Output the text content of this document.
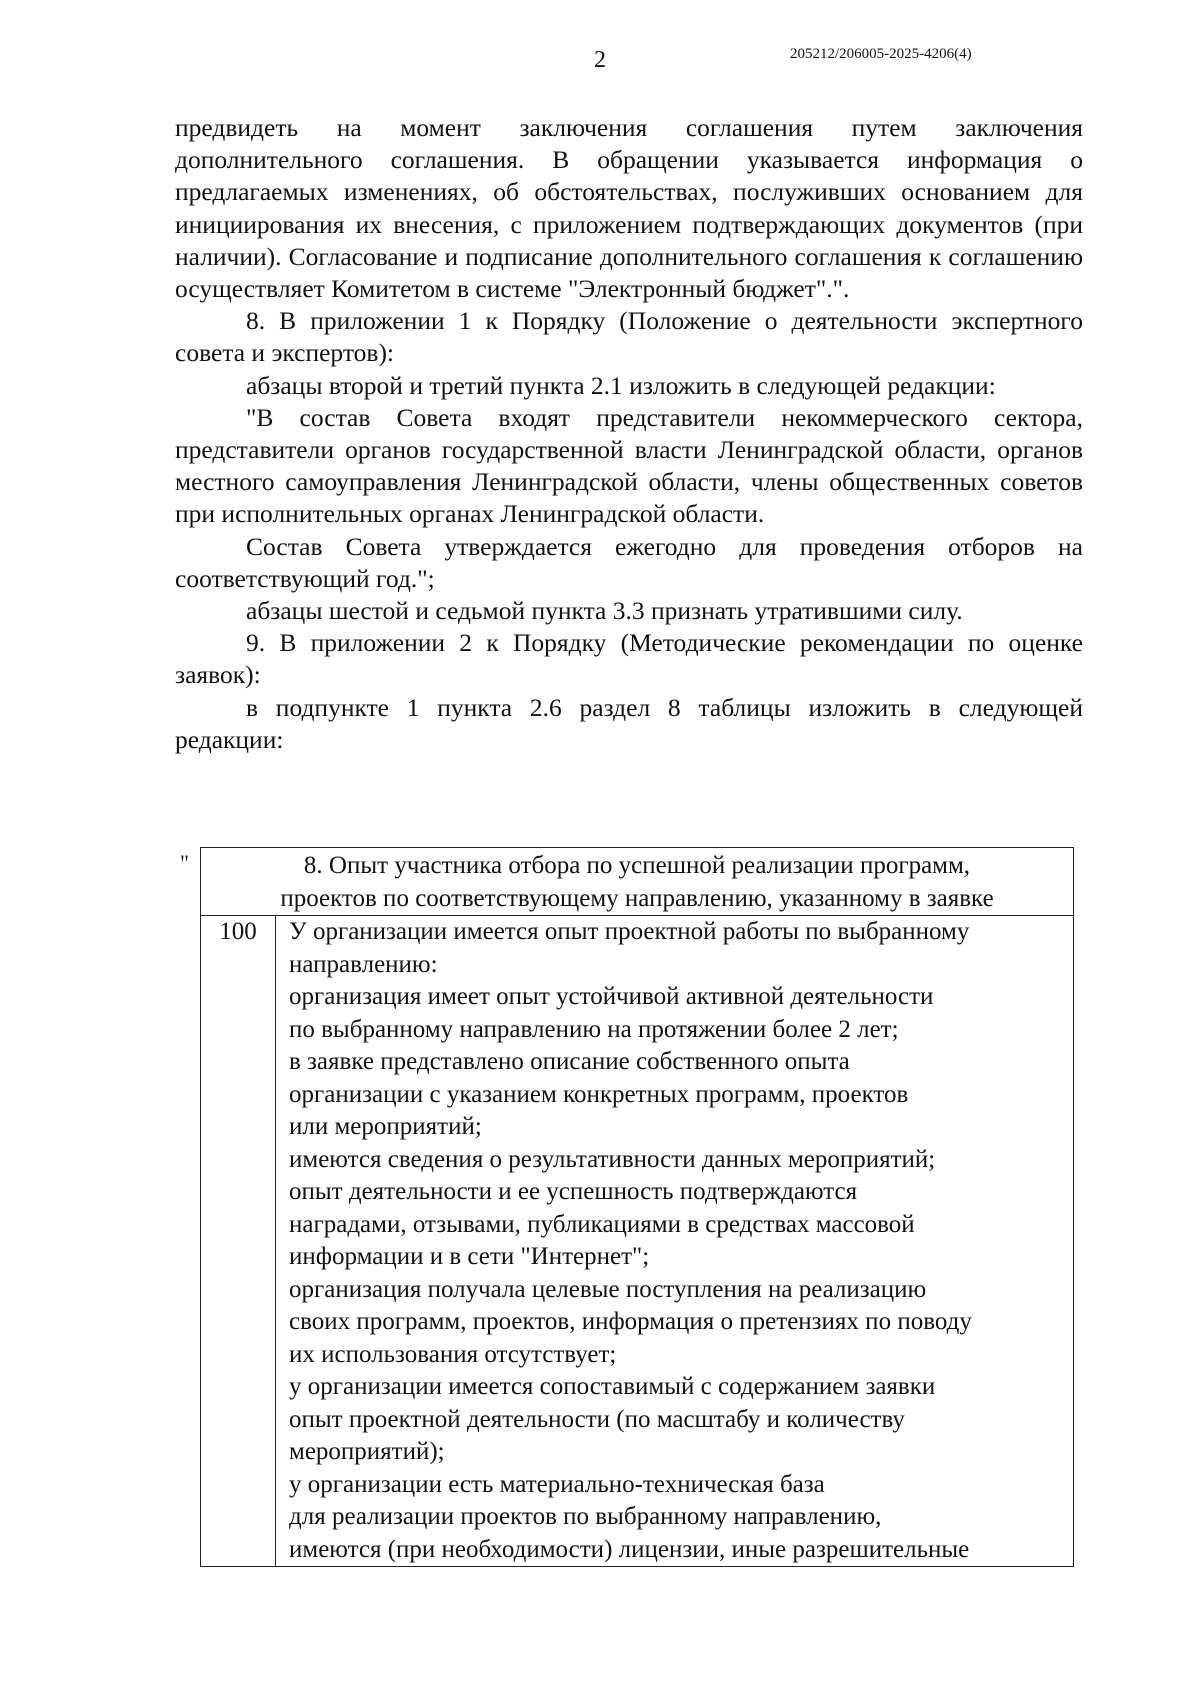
2	205212/206005-2025-4206(4)

предвидеть на момент заключения соглашения путем заключения дополнительного соглашения. В обращении указывается информация о предлагаемых изменениях, об обстоятельствах, послуживших основанием для инициирования их внесения, с приложением подтверждающих документов (при наличии). Согласование и подписание дополнительного соглашения к соглашению осуществляет Комитетом в системе "Электронный бюджет".".

8. В приложении 1 к Порядку (Положение о деятельности экспертного совета и экспертов):

абзацы второй и третий пункта 2.1 изложить в следующей редакции:

"В состав Совета входят представители некоммерческого сектора, представители органов государственной власти Ленинградской области, органов местного самоуправления Ленинградской области, члены общественных советов при исполнительных органах Ленинградской области.

Состав Совета утверждается ежегодно для проведения отборов на соответствующий год.";

абзацы шестой и седьмой пункта 3.3 признать утратившими силу.

9. В приложении 2 к Порядку (Методические рекомендации по оценке заявок):

в подпункте 1 пункта 2.6 раздел 8 таблицы изложить в следующей редакции:

"	8. Опыт участника отбора по успешной реализации программ,
проектов по соответствующему направлению, указанному в заявке

100	У организации имеется опыт проектной работы по выбранному
направлению:
организация имеет опыт устойчивой активной деятельности
по выбранному направлению на протяжении более 2 лет;
в заявке представлено описание собственного опыта
организации с указанием конкретных программ, проектов
или мероприятий;
имеются сведения о результативности данных мероприятий;
опыт деятельности и ее успешность подтверждаются
наградами, отзывами, публикациями в средствах массовой
информации и в сети "Интернет";
организация получала целевые поступления на реализацию
своих программ, проектов, информация о претензиях по поводу
их использования отсутствует;
у организации имеется сопоставимый с содержанием заявки
опыт проектной деятельности (по масштабу и количеству
мероприятий);
у организации есть материально-техническая база
для реализации проектов по выбранному направлению,
имеются (при необходимости) лицензии, иные разрешительные
